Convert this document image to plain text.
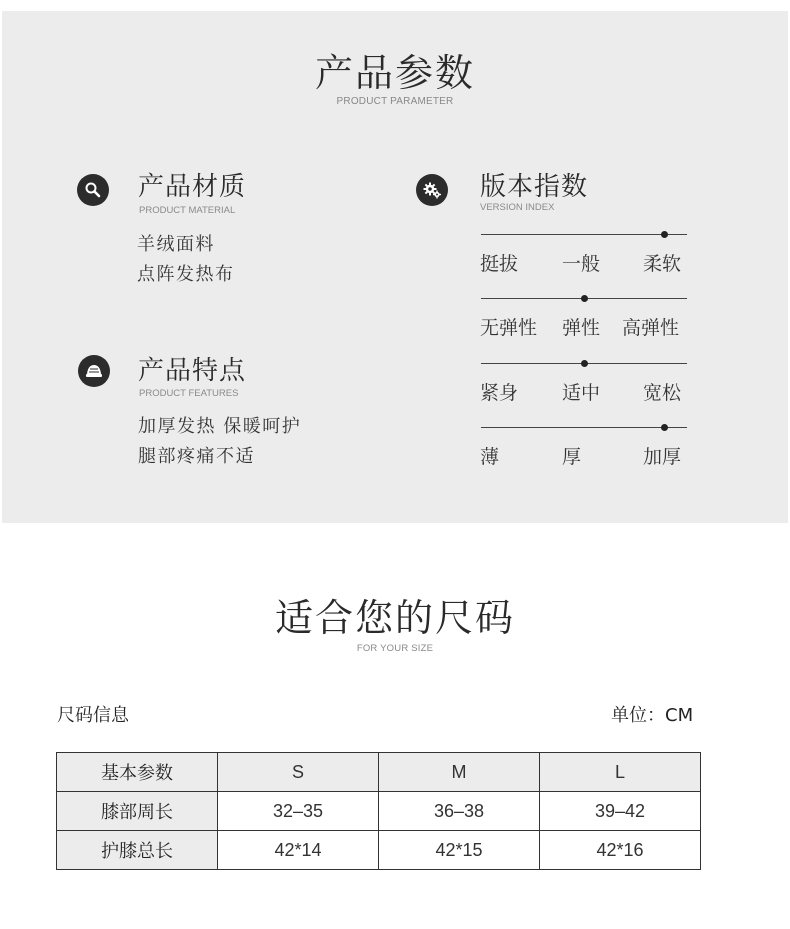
产品参数
PRODUCT PARAMETER
产品材质
PRODUCT MATERIAL
羊绒面料
点阵发热布
产品特点
PRODUCT FEATURES
加厚发热 保暖呵护
腿部疼痛不适
版本指数
VERSION INDEX
挺拔 一般 柔软
无弹性 弹性 高弹性
紧身 适中 宽松
薄	厚	加厚
适合您的尺码
FOR YOUR SIZE
尺码信息	单位：CM
基本参数	S	M	L
膝部周长	32–35	36–38	39–42
护膝总长	42*14	42*15	42*16
